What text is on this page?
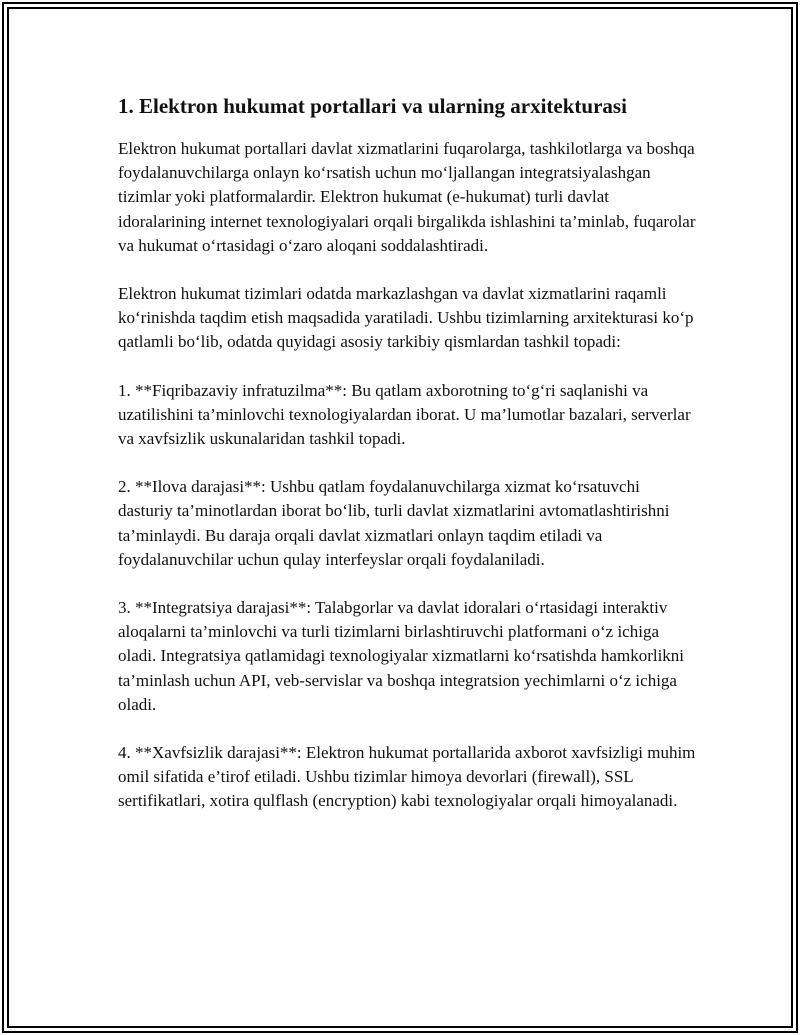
1. Elektron hukumat portallari va ularning arxitekturasi

Elektron hukumat portallari davlat xizmatlarini fuqarolarga, tashkilotlarga va boshqa foydalanuvchilarga onlayn ko‘rsatish uchun mo‘ljallangan integratsiyalashgan tizimlar yoki platformalardir. Elektron hukumat (e-hukumat) turli davlat idoralarining internet texnologiyalari orqali birgalikda ishlashini ta’minlab, fuqarolar va hukumat o‘rtasidagi o‘zaro aloqani soddalashtiradi.

Elektron hukumat tizimlari odatda markazlashgan va davlat xizmatlarini raqamli ko‘rinishda taqdim etish maqsadida yaratiladi. Ushbu tizimlarning arxitekturasi ko‘p qatlamli bo‘lib, odatda quyidagi asosiy tarkibiy qismlardan tashkil topadi:

1. **Fiqribazaviy infratuzilma**: Bu qatlam axborotning to‘g‘ri saqlanishi va uzatilishini ta’minlovchi texnologiyalardan iborat. U ma’lumotlar bazalari, serverlar va xavfsizlik uskunalaridan tashkil topadi.

2. **Ilova darajasi**: Ushbu qatlam foydalanuvchilarga xizmat ko‘rsatuvchi dasturiy ta’minotlardan iborat bo‘lib, turli davlat xizmatlarini avtomatlashtirishni ta’minlaydi. Bu daraja orqali davlat xizmatlari onlayn taqdim etiladi va foydalanuvchilar uchun qulay interfeyslar orqali foydalaniladi.

3. **Integratsiya darajasi**: Talabgorlar va davlat idoralari o‘rtasidagi interaktiv aloqalarni ta’minlovchi va turli tizimlarni birlashtiruvchi platformani o‘z ichiga oladi. Integratsiya qatlamidagi texnologiyalar xizmatlarni ko‘rsatishda hamkorlikni ta’minlash uchun API, veb-servislar va boshqa integratsion yechimlarni o‘z ichiga oladi.

4. **Xavfsizlik darajasi**: Elektron hukumat portallarida axborot xavfsizligi muhim omil sifatida e’tirof etiladi. Ushbu tizimlar himoya devorlari (firewall), SSL sertifikatlari, xotira qulflash (encryption) kabi texnologiyalar orqali himoyalanadi.
